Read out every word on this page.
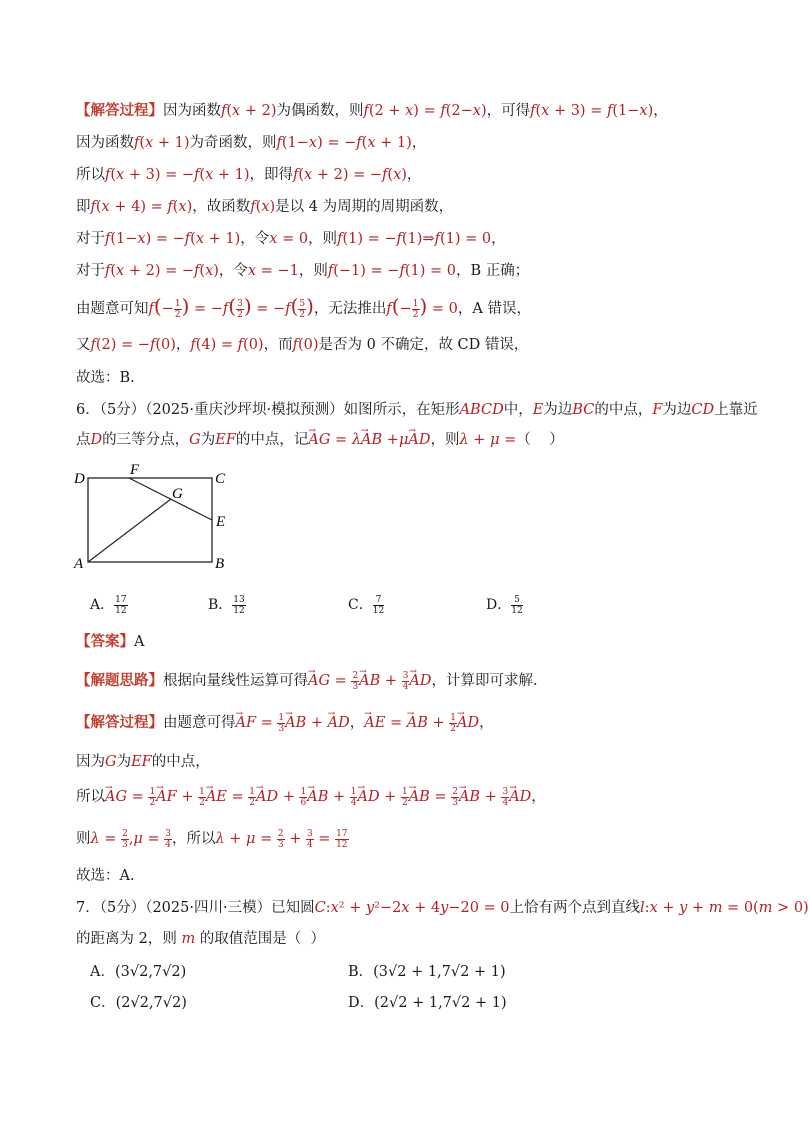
【解答过程】因为函数f(x + 2)为偶函数，则f(2 + x) = f(2−x)，可得f(x + 3) = f(1−x)，
因为函数f(x + 1)为奇函数，则f(1−x) = −f(x + 1)，
所以f(x + 3) = −f(x + 1)，即得f(x + 2) = −f(x)，
即f(x + 4) = f(x)，故函数f(x)是以 4 为周期的周期函数，
对于f(1−x) = −f(x + 1)，令x = 0，则f(1) = −f(1)⇒f(1) = 0，
对于f(x + 2) = −f(x)，令x = −1，则f(−1) = −f(1) = 0，B 正确；
由题意可知$f(- \frac{1}{2}$ ) = $-f( \frac{3}{2}$ ) = $-f( \frac{5}{2}$ )，无法推出$f(- \frac{1}{2}$ ) = 0，A 错误，
又f(2) = −f(0)，f(4) = f(0)，而f(0)是否为 0 不确定，故 CD 错误，
故选：B.
6．（5分）（2025·重庆沙坪坝·模拟预测）如图所示，在矩形ABCD中，E为边BC的中点，F为边CD上靠近
点D的三等分点，G为EF的中点，记→ AG = λ→ AB +μ→ AD，则λ + μ =（    ）
D
F
C
G
E
A	B
A． $\frac{17}{12}$	B． $\frac{13}{12}$	C． $\frac{7}{12}$	D． $\frac{5}{12}$
【答案】A
【解题思路】根据向量线性运算可得→ AG = $\frac{2}{3}$ → AB + $\frac{3}{4}$ → AD，计算即可求解.
【解答过程】由题意可得→ AF = $\frac{1}{3}$ → AB + → AD，→ AE = → AB + $\frac{1}{2}$ → AD，
因为G为EF的中点，
所以→ AG = $\frac{1}{2}$ → AF + $\frac{1}{2}$ → AE = $\frac{1}{2}$ → AD + $\frac{1}{6}$ → AB + $\frac{1}{4}$ → AD + $\frac{1}{2}$ → AB = $\frac{2}{3}$ → AB + $\frac{3}{4}$ → AD，
则$\lambda = \frac{2}{3} ,\mu = \frac{3}{4}$ ，所以$\lambda + \mu = \frac{2}{3} + \frac{3}{4} = \frac{17}{12}$
故选：A.
7．（5分）（2025·四川·三模）已知圆C:x² + y²−2x + 4y−20 = 0上恰有两个点到直线l:x + y + m = 0(m > 0)
的距离为 2，则 m 的取值范围是（  ）
A．(3√2,7√2)	B．(3√2 + 1,7√2 + 1)
C．(2√2,7√2)	D．(2√2 + 1,7√2 + 1)
